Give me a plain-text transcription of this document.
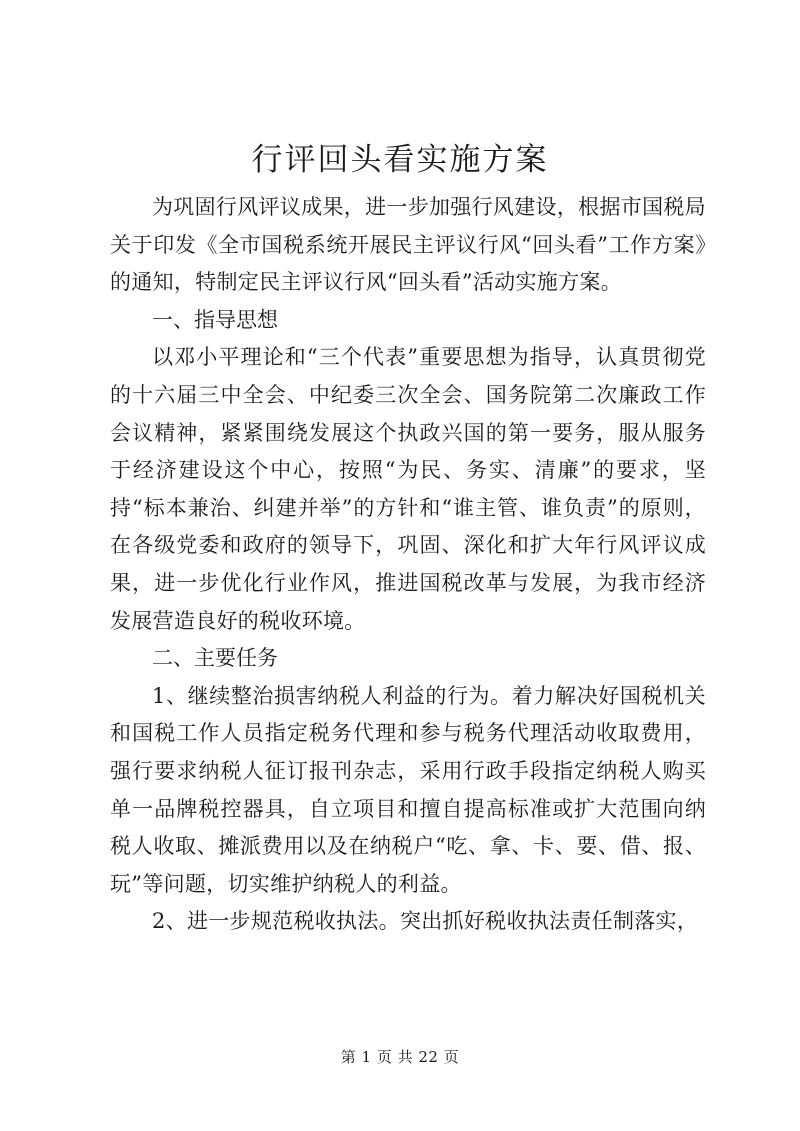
行评回头看实施方案

为巩固行风评议成果，进一步加强行风建设，根据市国税局关于印发《全市国税系统开展民主评议行风“回头看”工作方案》的通知，特制定民主评议行风“回头看”活动实施方案。

一、指导思想

以邓小平理论和“三个代表”重要思想为指导，认真贯彻党的十六届三中全会、中纪委三次全会、国务院第二次廉政工作会议精神，紧紧围绕发展这个执政兴国的第一要务，服从服务于经济建设这个中心，按照“为民、务实、清廉”的要求，坚持“标本兼治、纠建并举”的方针和“谁主管、谁负责”的原则，在各级党委和政府的领导下，巩固、深化和扩大年行风评议成果，进一步优化行业作风，推进国税改革与发展，为我市经济发展营造良好的税收环境。

二、主要任务

1、继续整治损害纳税人利益的行为。着力解决好国税机关和国税工作人员指定税务代理和参与税务代理活动收取费用，强行要求纳税人征订报刊杂志，采用行政手段指定纳税人购买单一品牌税控器具，自立项目和擅自提高标准或扩大范围向纳税人收取、摊派费用以及在纳税户“吃、拿、卡、要、借、报、玩”等问题，切实维护纳税人的利益。

2、进一步规范税收执法。突出抓好税收执法责任制落实，

第 1 页 共 22 页
